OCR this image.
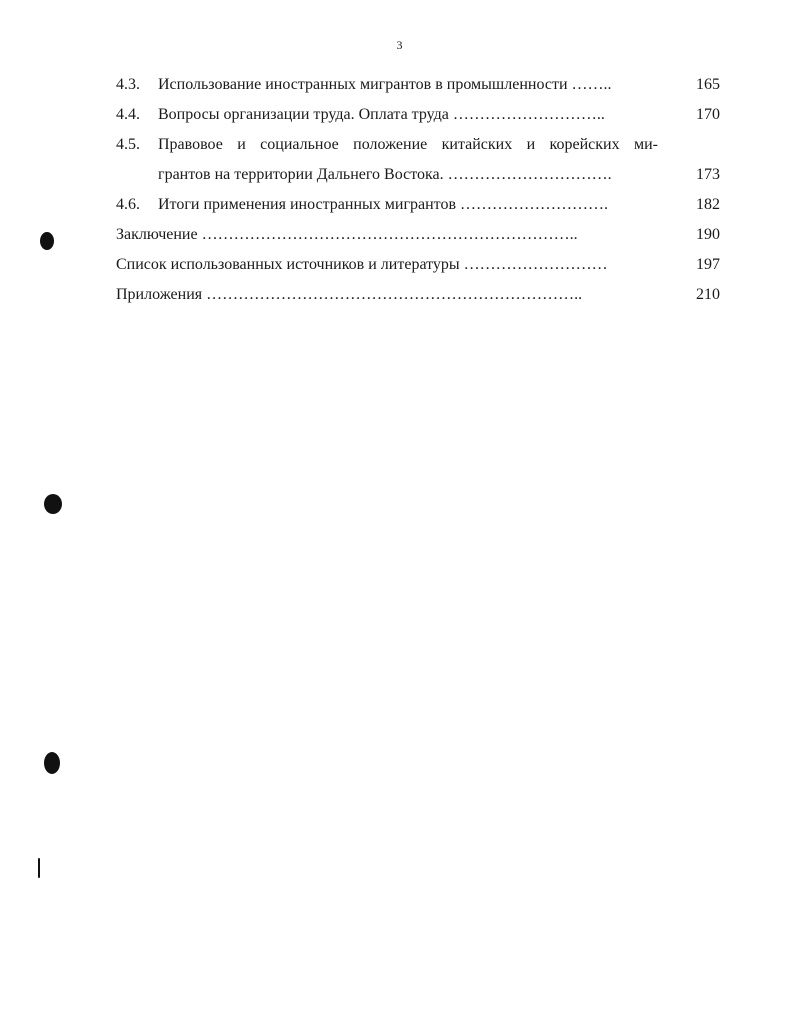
3
4.3. Использование иностранных мигрантов в промышленности ……..	165
4.4. Вопросы организации труда. Оплата труда ………………………..	170
4.5. Правовое и социальное положение китайских и корейских ми-
грантов на территории Дальнего Востока. ………………………….	173
4.6. Итоги применения иностранных мигрантов ……………………….	182
Заключение ……………………………………………………………..	190
Список использованных источников и литературы ………………………	197
Приложения ……………………………………………………………..	210
